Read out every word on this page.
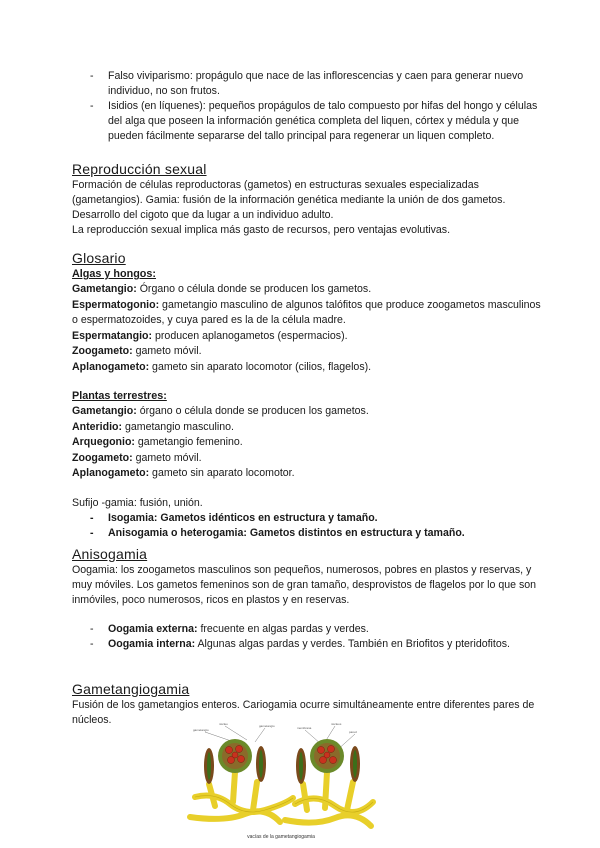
- Falso viviparismo: propágulo que nace de las inflorescencias y caen para generar nuevo individuo, no son frutos.
- Isidios (en líquenes): pequeños propágulos de talo compuesto por hifas del hongo y células del alga que poseen la información genética completa del liquen, córtex y médula y que pueden fácilmente separarse del tallo principal para regenerar un liquen completo.
Reproducción sexual
Formación de células reproductoras (gametos) en estructuras sexuales especializadas (gametangios). Gamia: fusión de la información genética mediante la unión de dos gametos. Desarrollo del cigoto que da lugar a un individuo adulto.
La reproducción sexual implica más gasto de recursos, pero ventajas evolutivas.
Glosario
Algas y hongos:
Gametangio: Órgano o célula donde se producen los gametos.
Espermatogonio: gametangio masculino de algunos talófitos que produce zoogametos masculinos o espermatozoides, y cuya pared es la de la célula madre.
Espermatangio: producen aplanogametos (espermacios).
Zoogameto: gameto móvil.
Aplanogameto: gameto sin aparato locomotor (cilios, flagelos).
Plantas terrestres:
Gametangio: órgano o célula donde se producen los gametos.
Anteridio: gametangio masculino.
Arquegonio: gametangio femenino.
Zoogameto: gameto móvil.
Aplanogameto: gameto sin aparato locomotor.
Sufijo -gamia: fusión, unión.
- Isogamia: Gametos idénticos en estructura y tamaño.
- Anisogamia o heterogamia: Gametos distintos en estructura y tamaño.
Anisogamia
Oogamia: los zoogametos masculinos son pequeños, numerosos, pobres en plastos y reservas, y muy móviles. Los gametos femeninos son de gran tamaño, desprovistos de flagelos por lo que son inmóviles, poco numerosos, ricos en plastos y en reservas.
- Oogamia externa: frecuente en algas pardas y verdes.
- Oogamia interna: Algunas algas pardas y verdes. También en Briofitos y pteridofitos.
Gametangiogamia
Fusión de los gametangios enteros. Cariogamia ocurre simultáneamente entre diferentes pares de núcleos.
gametangio
núcleo	gametangio	membrana
núcleos
pared
vacías de la gametangiogamia
